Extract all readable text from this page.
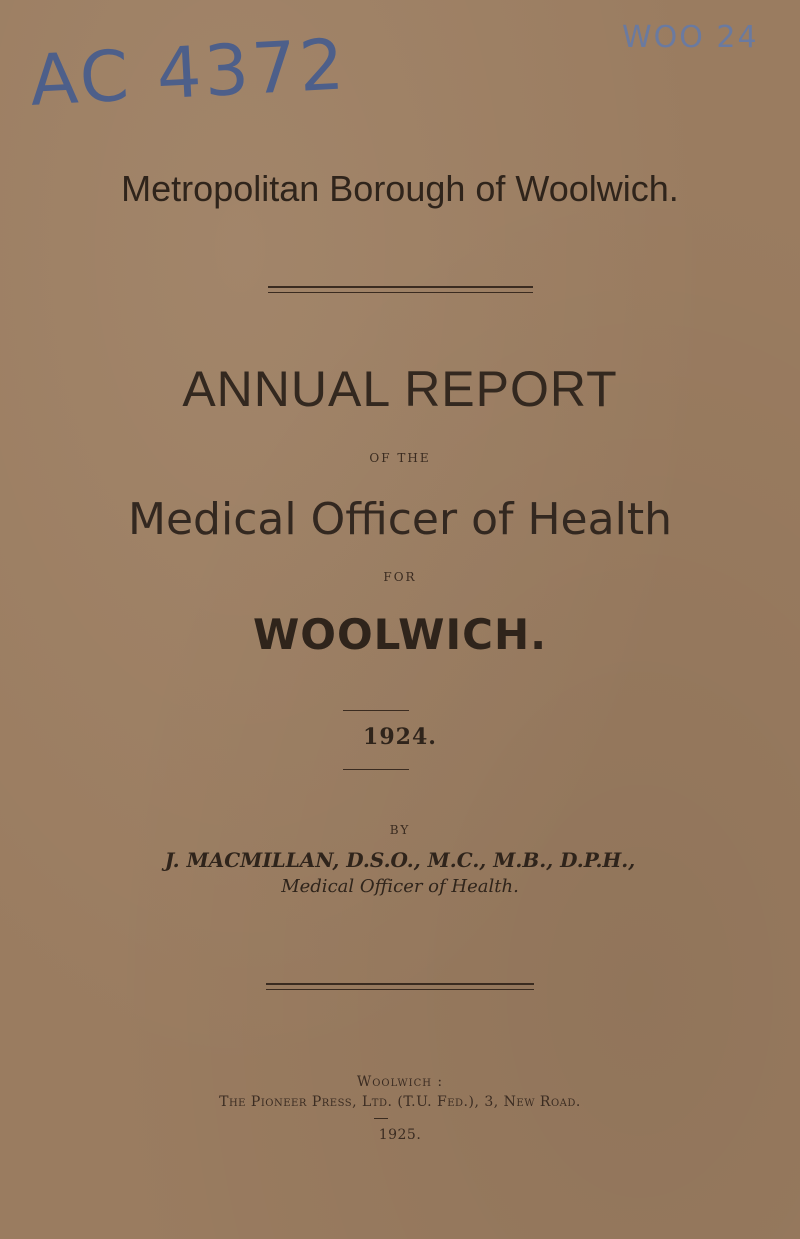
AC 4372	WOO 24
Metropolitan Borough of Woolwich.
ANNUAL REPORT
OF THE
Medical Officer of Health
FOR
WOOLWICH.
1924.
BY
J. MACMILLAN, D.S.O., M.C., M.B., D.P.H.,
Medical Officer of Health.
Woolwich :
The Pioneer Press, Ltd. (T.U. Fed.), 3, New Road.
1925.
